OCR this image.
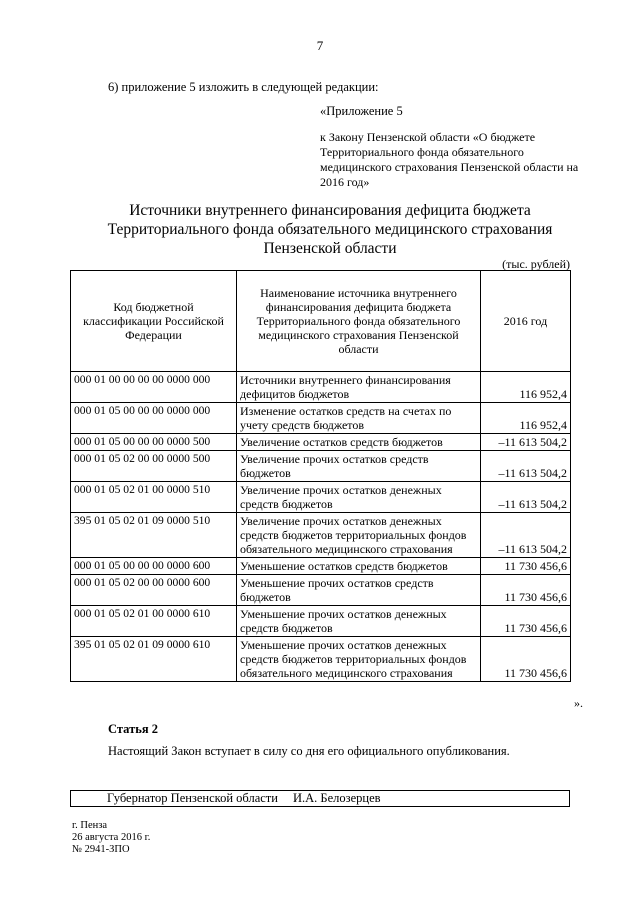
7
6) приложение 5 изложить в следующей редакции:
«Приложение 5
к Закону Пензенской области «О бюджете Территориального фонда обязательного медицинского страхования Пензенской области на 2016 год»
Источники внутреннего финансирования дефицита бюджета
Территориального фонда обязательного медицинского страхования
Пензенской области
(тыс. рублей)
Код бюджетной классификации Российской Федерации	Наименование источника внутреннего финансирования дефицита бюджета Территориального фонда обязательного медицинского страхования Пензенской области	2016 год
000 01 00 00 00 00 0000 000	Источники внутреннего финансирования дефицитов бюджетов	116 952,4
000 01 05 00 00 00 0000 000	Изменение остатков средств на счетах по учету средств бюджетов	116 952,4
000 01 05 00 00 00 0000 500	Увеличение остатков средств бюджетов	–11 613 504,2
000 01 05 02 00 00 0000 500	Увеличение прочих остатков средств бюджетов	–11 613 504,2
000 01 05 02 01 00 0000 510	Увеличение прочих остатков денежных средств бюджетов	–11 613 504,2
395 01 05 02 01 09 0000 510	Увеличение прочих остатков денежных средств бюджетов территориальных фондов обязательного медицинского страхования	–11 613 504,2
000 01 05 00 00 00 0000 600	Уменьшение остатков средств бюджетов	11 730 456,6
000 01 05 02 00 00 0000 600	Уменьшение прочих остатков средств бюджетов	11 730 456,6
000 01 05 02 01 00 0000 610	Уменьшение прочих остатков денежных средств бюджетов	11 730 456,6
395 01 05 02 01 09 0000 610	Уменьшение прочих остатков денежных средств бюджетов территориальных фондов обязательного медицинского страхования	11 730 456,6
».
Статья 2
Настоящий Закон вступает в силу со дня его официального опубликования.
Губернатор Пензенской области И.А. Белозерцев
г. Пенза
26 августа 2016 г.
№ 2941-ЗПО
